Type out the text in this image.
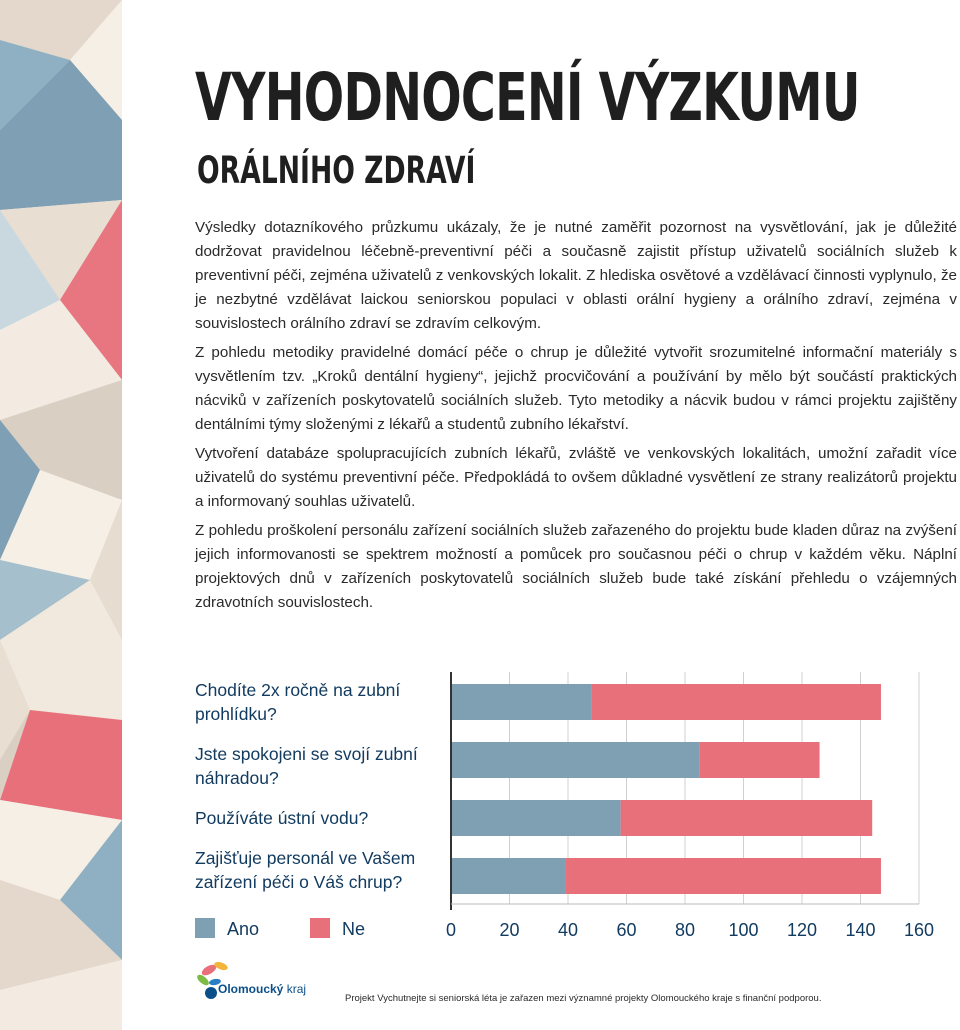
VYHODNOCENÍ VÝZKUMU
ORÁLNÍHO ZDRAVÍ

Výsledky dotazníkového průzkumu ukázaly, že je nutné zaměřit pozornost na vysvětlování, jak je důležité dodržovat pravidelnou léčebně-preventivní péči a současně zajistit přístup uživatelů sociálních služeb k preventivní péči, zejména uživatelů z venkovských lokalit. Z hlediska osvětové a vzdělávací činnosti vyplynulo, že je nezbytné vzdělávat laickou seniorskou populaci v oblasti orální hygieny a orálního zdraví, zejména v souvislostech orálního zdraví se zdravím celkovým.

Z pohledu metodiky pravidelné domácí péče o chrup je důležité vytvořit srozumitelné informační materiály s vysvětlením tzv. „Kroků dentální hygieny“, jejichž procvičování a používání by mělo být součástí praktických nácviků v zařízeních poskytovatelů sociálních služeb. Tyto metodiky a nácvik budou v rámci projektu zajištěny dentálními týmy složenými z lékařů a studentů zubního lékařství.

Vytvoření databáze spolupracujících zubních lékařů, zvláště ve venkovských lokalitách, umožní zařadit více uživatelů do systému preventivní péče. Předpokládá to ovšem důkladné vysvětlení ze strany realizátorů projektu a informovaný souhlas uživatelů.

Z pohledu proškolení personálu zařízení sociálních služeb zařazeného do projektu bude kladen důraz na zvýšení jejich informovanosti se spektrem možností a pomůcek pro současnou péči o chrup v každém věku. Náplní projektových dnů v zařízeních poskytovatelů sociálních služeb bude také získání přehledu o vzájemných zdravotních souvislostech.

Chodíte 2x ročně na zubní prohlídku?
Jste spokojeni se svojí zubní náhradou?
Používáte ústní vodu?
Zajišťuje personál ve Vašem zařízení péči o Váš chrup?
Ano	Ne	0 20 40 60 80 100 120 140 160
Olomoucký kraj
Projekt Vychutnejte si seniorská léta je zařazen mezi významné projekty Olomouckého kraje s finanční podporou.
